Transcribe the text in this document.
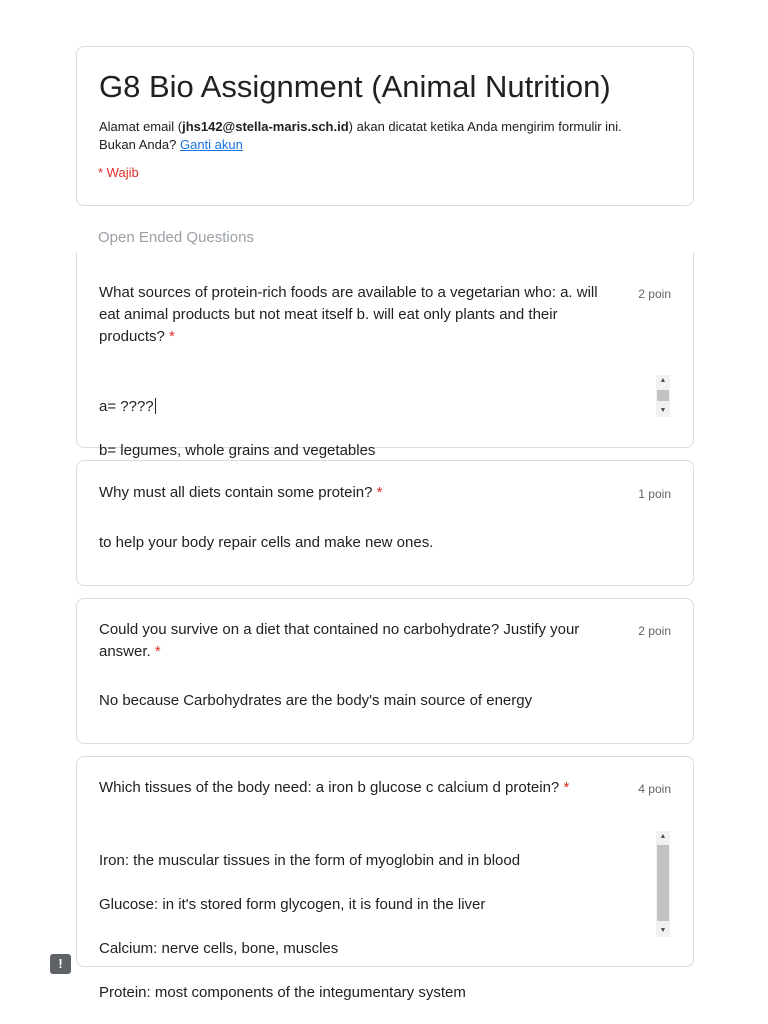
G8 Bio Assignment (Animal Nutrition)
Alamat email (jhs142@stella-maris.sch.id) akan dicatat ketika Anda mengirim formulir ini.
Bukan Anda? Ganti akun
* Wajib
Open Ended Questions
What sources of protein-rich foods are available to a vegetarian who: a. will eat animal products but not meat itself b. will eat only plants and their products? *
2 poin

a= ????

b= legumes, whole grains and vegetables

▲
▼
Why must all diets contain some protein? *	1 poin
to help your body repair cells and make new ones.
Could you survive on a diet that contained no carbohydrate? Justify your answer. *
2 poin
No because Carbohydrates are the body's main source of energy
Which tissues of the body need: a iron b glucose c calcium d protein? *	4 poin

Iron: the muscular tissues in the form of myoglobin and in blood

Glucose: in it's stored form glycogen, it is found in the liver

Calcium: nerve cells, bone, muscles

Protein: most components of the integumentary system

▲
▼
!
